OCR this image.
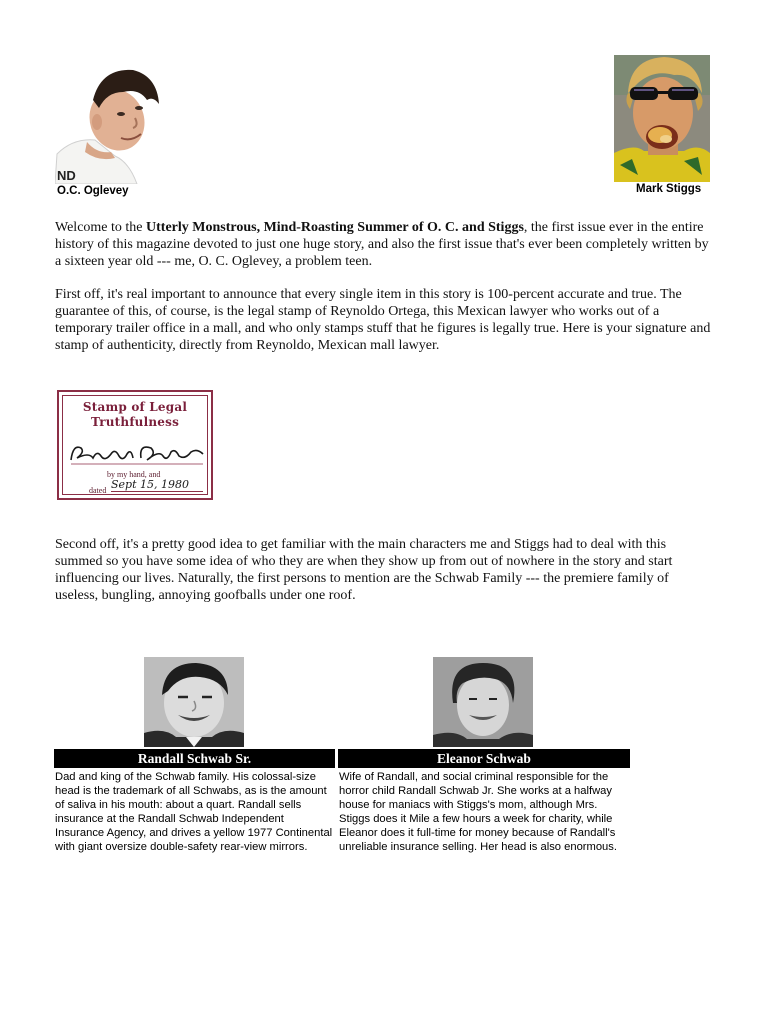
ND
O.C. Oglevey	Mark Stiggs
Welcome to the Utterly Monstrous, Mind-Roasting Summer of O. C. and Stiggs, the first issue ever in the entire history of this magazine devoted to just one huge story, and also the first issue that's ever been completely written by a sixteen year old --- me, O. C. Oglevey, a problem teen.
First off, it's real important to announce that every single item in this story is 100-percent accurate and true. The guarantee of this, of course, is the legal stamp of Reynoldo Ortega, this Mexican lawyer who works out of a temporary trailer office in a mall, and who only stamps stuff that he figures is legally true. Here is your signature and stamp of authenticity, directly from Reynoldo, Mexican mall lawyer.
Stamp of Legal
Truthfulness
by my hand, and
dated Sept 15, 1980
Second off, it's a pretty good idea to get familiar with the main characters me and Stiggs had to deal with this summed so you have some idea of who they are when they show up from out of nowhere in the story and start influencing our lives. Naturally, the first persons to mention are the Schwab Family --- the premiere family of useless, bungling, annoying goofballs under one roof.
Randall Schwab Sr.	Eleanor Schwab
Dad and king of the Schwab family. His colossal-size head is the trademark of all Schwabs, as is the amount of saliva in his mouth: about a quart. Randall sells insurance at the Randall Schwab Independent Insurance Agency, and drives a yellow 1977 Continental with giant oversize double-safety rear-view mirrors.
Wife of Randall, and social criminal responsible for the horror child Randall Schwab Jr. She works at a halfway house for maniacs with Stiggs's mom, although Mrs. Stiggs does it Mile a few hours a week for charity, while Eleanor does it full-time for money because of Randall's unreliable insurance selling. Her head is also enormous.
